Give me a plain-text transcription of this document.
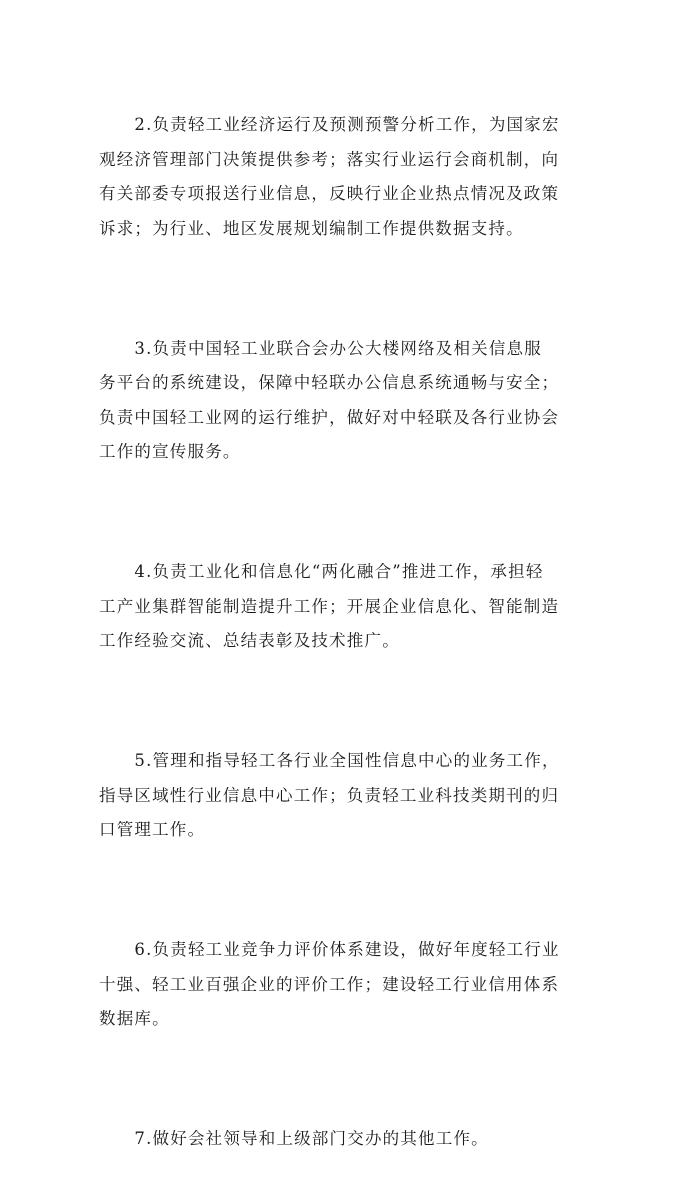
　　2.负责轻工业经济运行及预测预警分析工作，为国家宏
观经济管理部门决策提供参考；落实行业运行会商机制，向
有关部委专项报送行业信息，反映行业企业热点情况及政策
诉求；为行业、地区发展规划编制工作提供数据支持。

　　3.负责中国轻工业联合会办公大楼网络及相关信息服
务平台的系统建设，保障中轻联办公信息系统通畅与安全；
负责中国轻工业网的运行维护，做好对中轻联及各行业协会
工作的宣传服务。

　　4.负责工业化和信息化“两化融合”推进工作，承担轻
工产业集群智能制造提升工作；开展企业信息化、智能制造
工作经验交流、总结表彰及技术推广。

　　5.管理和指导轻工各行业全国性信息中心的业务工作，
指导区域性行业信息中心工作；负责轻工业科技类期刊的归
口管理工作。

　　6.负责轻工业竞争力评价体系建设，做好年度轻工行业
十强、轻工业百强企业的评价工作；建设轻工行业信用体系
数据库。

　　7.做好会社领导和上级部门交办的其他工作。
